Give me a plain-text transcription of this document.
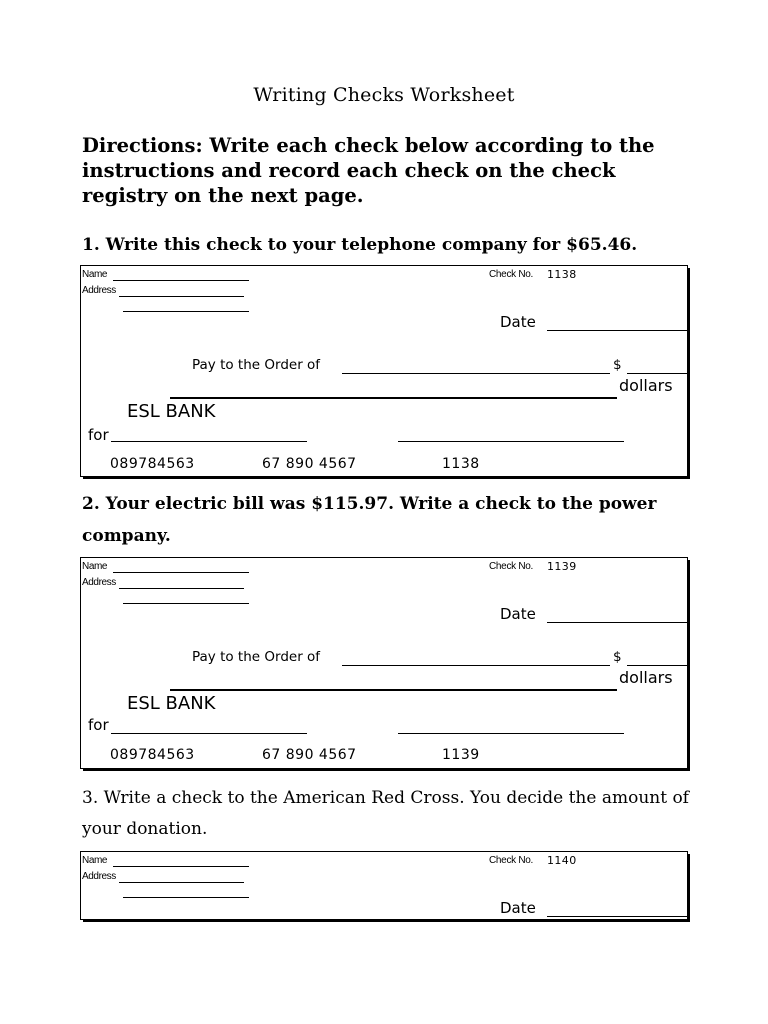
Writing Checks Worksheet
Directions: Write each check below according to the instructions and record each check on the check registry on the next page.
1. Write this check to your telephone company for $65.46.
Name
Address
Check No. 1138
Date
Pay to the Order of	$
dollars
ESL BANK
for
089784563	67 890 4567	1138
2. Your electric bill was $115.97. Write a check to the power company.
Name
Address
Check No. 1139
Date
Pay to the Order of	$
dollars
ESL BANK
for
089784563	67 890 4567	1139
3. Write a check to the American Red Cross. You decide the amount of your donation.
Name
Address
Check No. 1140
Date
